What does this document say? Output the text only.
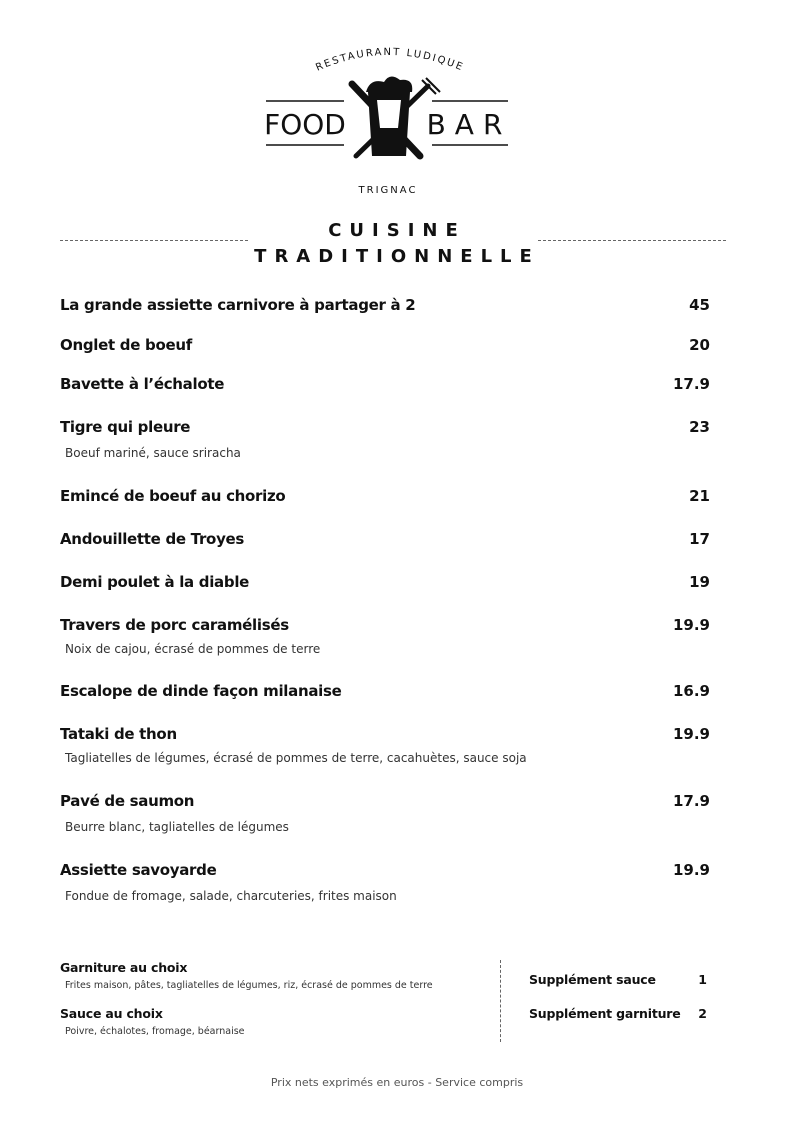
RESTAURANT LUDIQUE
FOOD	BAR
TRIGNAC
CUISINE
TRADITIONNELLE
La grande assiette carnivore à partager à 2	45
Onglet de boeuf	20
Bavette à l’échalote	17.9
Tigre qui pleure	23
Boeuf mariné, sauce sriracha
Emincé de boeuf au chorizo	21
Andouillette de Troyes	17
Demi poulet à la diable	19
Travers de porc caramélisés	19.9
Noix de cajou, écrasé de pommes de terre
Escalope de dinde façon milanaise	16.9
Tataki de thon	19.9
Tagliatelles de légumes, écrasé de pommes de terre, cacahuètes, sauce soja
Pavé de saumon	17.9
Beurre blanc, tagliatelles de légumes
Assiette savoyarde	19.9
Fondue de fromage, salade, charcuteries, frites maison
Garniture au choix
Frites maison, pâtes, tagliatelles de légumes, riz, écrasé de pommes de terre
Sauce au choix
Poivre, échalotes, fromage, béarnaise
Supplément sauce	1
Supplément garniture 2
Prix nets exprimés en euros - Service compris
